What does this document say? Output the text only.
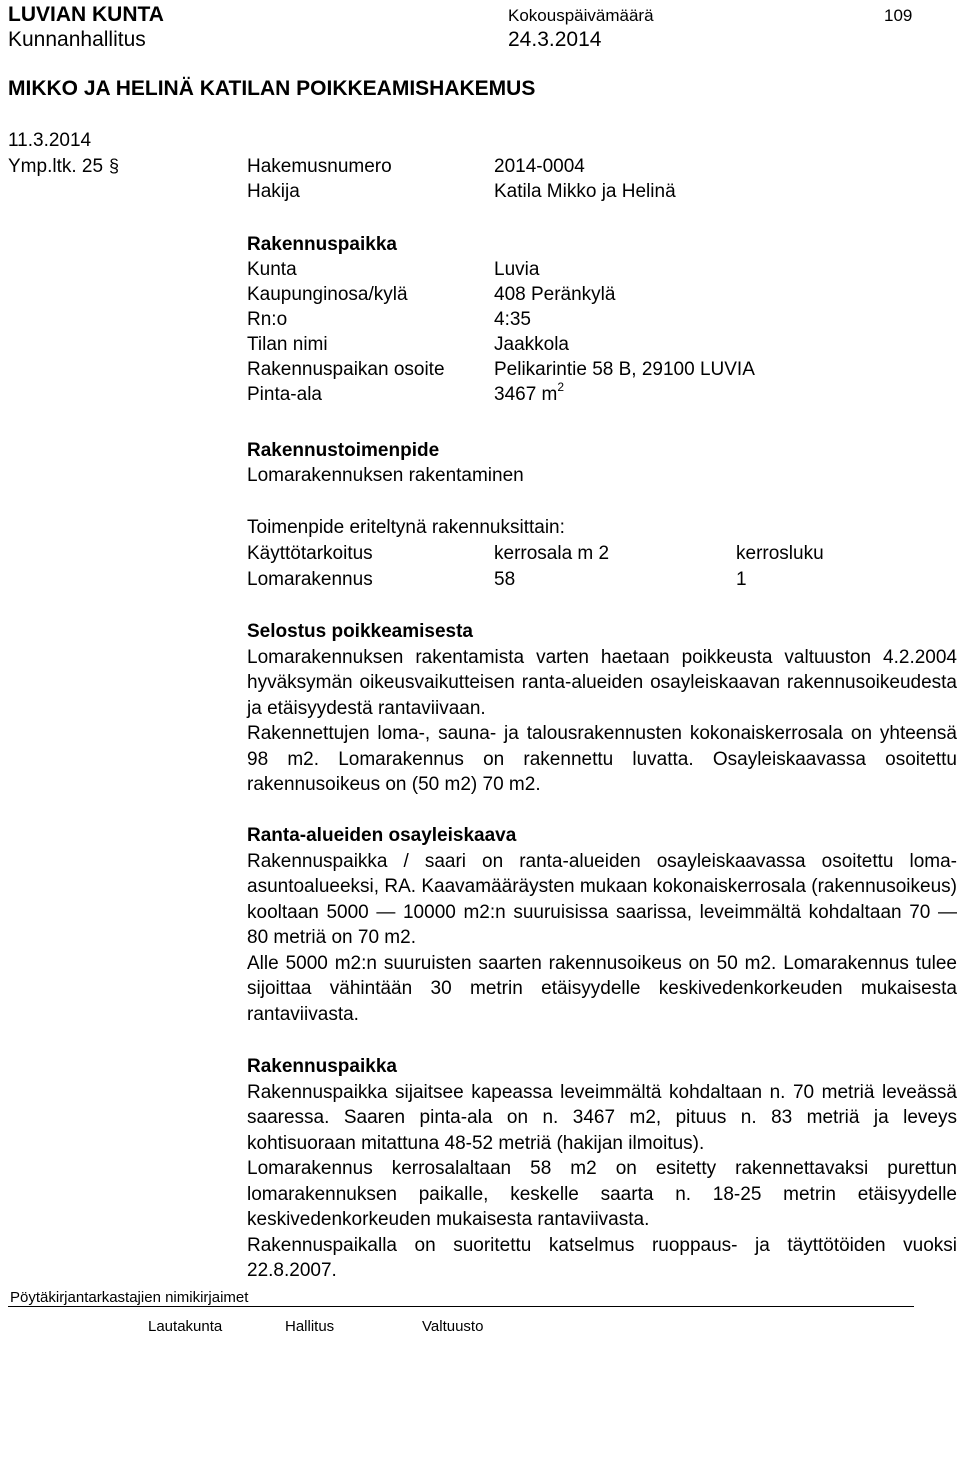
LUVIAN KUNTA
Kunnanhallitus
Kokouspäivämäärä
24.3.2014
109
MIKKO JA HELINÄ KATILAN POIKKEAMISHAKEMUS
11.3.2014
Ymp.ltk. 25 §	Hakemusnumero	2014-0004
Hakija	Katila Mikko ja Helinä
Rakennuspaikka
Kunta	Luvia
Kaupunginosa/kylä	408 Peränkylä
Rn:o	4:35
Tilan nimi	Jaakkola
Rakennuspaikan osoite	Pelikarintie 58 B, 29100 LUVIA
Pinta-ala	3467 $m^2$
Rakennustoimenpide
Lomarakennuksen rakentaminen
Toimenpide eriteltynä rakennuksittain:
Käyttötarkoitus	kerrosala m 2	kerrosluku
Lomarakennus	58	1
Selostus poikkeamisesta
Lomarakennuksen rakentamista varten haetaan poikkeusta valtuuston 4.2.2004 hyväksymän oikeusvaikutteisen ranta-alueiden osayleiskaavan rakennusoikeudesta ja etäisyydestä rantaviivaan.
Rakennettujen loma-, sauna- ja talousrakennusten kokonaiskerrosala on yhteensä 98 m2. Lomarakennus on rakennettu luvatta. Osayleiskaavassa osoitettu rakennusoikeus on (50 m2) 70 m2.
Ranta-alueiden osayleiskaava
Rakennuspaikka / saari on ranta-alueiden osayleiskaavassa osoitettu loma-asuntoalueeksi, RA. Kaavamääräysten mukaan kokonaiskerrosala (rakennusoikeus) kooltaan 5000 — 10000 m2:n suuruisissa saarissa, leveimmältä kohdaltaan 70 — 80 metriä on 70 m2.
Alle 5000 m2:n suuruisten saarten rakennusoikeus on 50 m2. Lomarakennus tulee sijoittaa vähintään 30 metrin etäisyydelle keskivedenkorkeuden mukaisesta rantaviivasta.
Rakennuspaikka
Rakennuspaikka sijaitsee kapeassa leveimmältä kohdaltaan n. 70 metriä leveässä saaressa. Saaren pinta-ala on n. 3467 m2, pituus n. 83 metriä ja leveys kohtisuoraan mitattuna 48-52 metriä (hakijan ilmoitus).
Lomarakennus kerrosalaltaan 58 m2 on esitetty rakennettavaksi purettun lomarakennuksen paikalle, keskelle saarta n. 18-25 metrin etäisyydelle keskivedenkorkeuden mukaisesta rantaviivasta.
Rakennuspaikalla on suoritettu katselmus ruoppaus- ja täyttötöiden vuoksi 22.8.2007.
Pöytäkirjantarkastajien nimikirjaimet
Lautakunta	Hallitus	Valtuusto
